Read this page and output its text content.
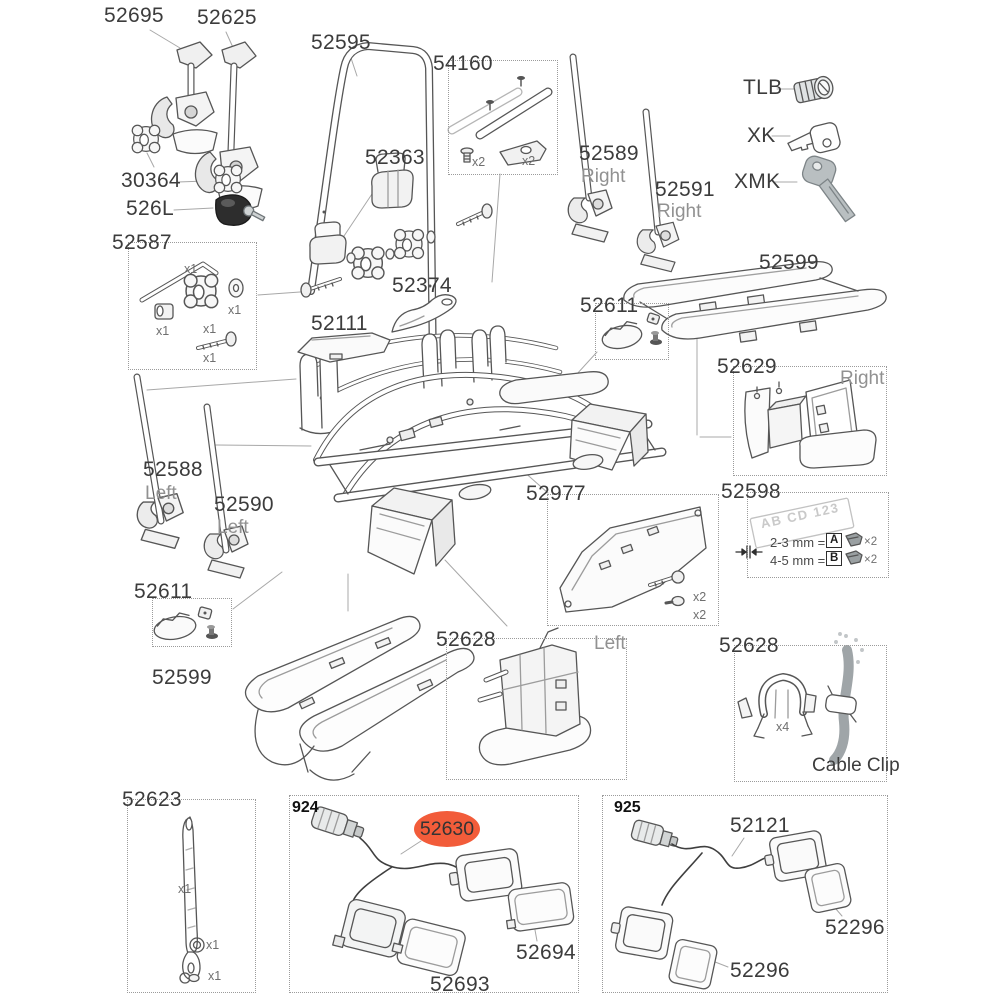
52695 52625
30364
526L
52587
52595
52363
54160
52589
Right
52591
Right
TLB
XK
XMK
52599
52611
52629
Right
52374
52111
52588
Left 52590
Left
52977	52598
52611
52599
52628	Left	52628
Cable Clip
52623	924	925
52630
52694
52693
52121
52296
52296
x1
x1
x1	x1
x1
x2	x2
x2
x2
x4
x1
x1
x1
AB CD 123
2-3 mm = A	×2
4-5 mm = B	×2
